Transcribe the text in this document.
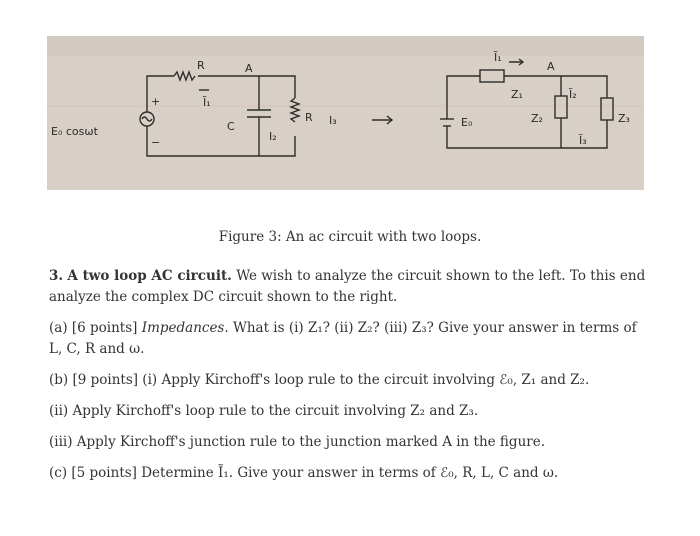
E₀ cosωt
+
−
R	A
Ĩ₁
C
I₂
R I₃
Ĩ₁
A
Z₁
E₀	Z₂
Ĩ₂
Z₃
Ĩ₃
Figure 3: An ac circuit with two loops.

3. A two loop AC circuit. We wish to analyze the circuit shown to the left. To this end analyze the complex DC circuit shown to the right.

(a) [6 points] Impedances. What is (i) Z₁? (ii) Z₂? (iii) Z₃? Give your answer in terms of L, C, R and ω.

(b) [9 points] (i) Apply Kirchoff's loop rule to the circuit involving ℰ₀, Z₁ and Z₂.

(ii) Apply Kirchoff's loop rule to the circuit involving Z₂ and Z₃.

(iii) Apply Kirchoff's junction rule to the junction marked A in the figure.

(c) [5 points] Determine Ĩ₁. Give your answer in terms of ℰ₀, R, L, C and ω.
